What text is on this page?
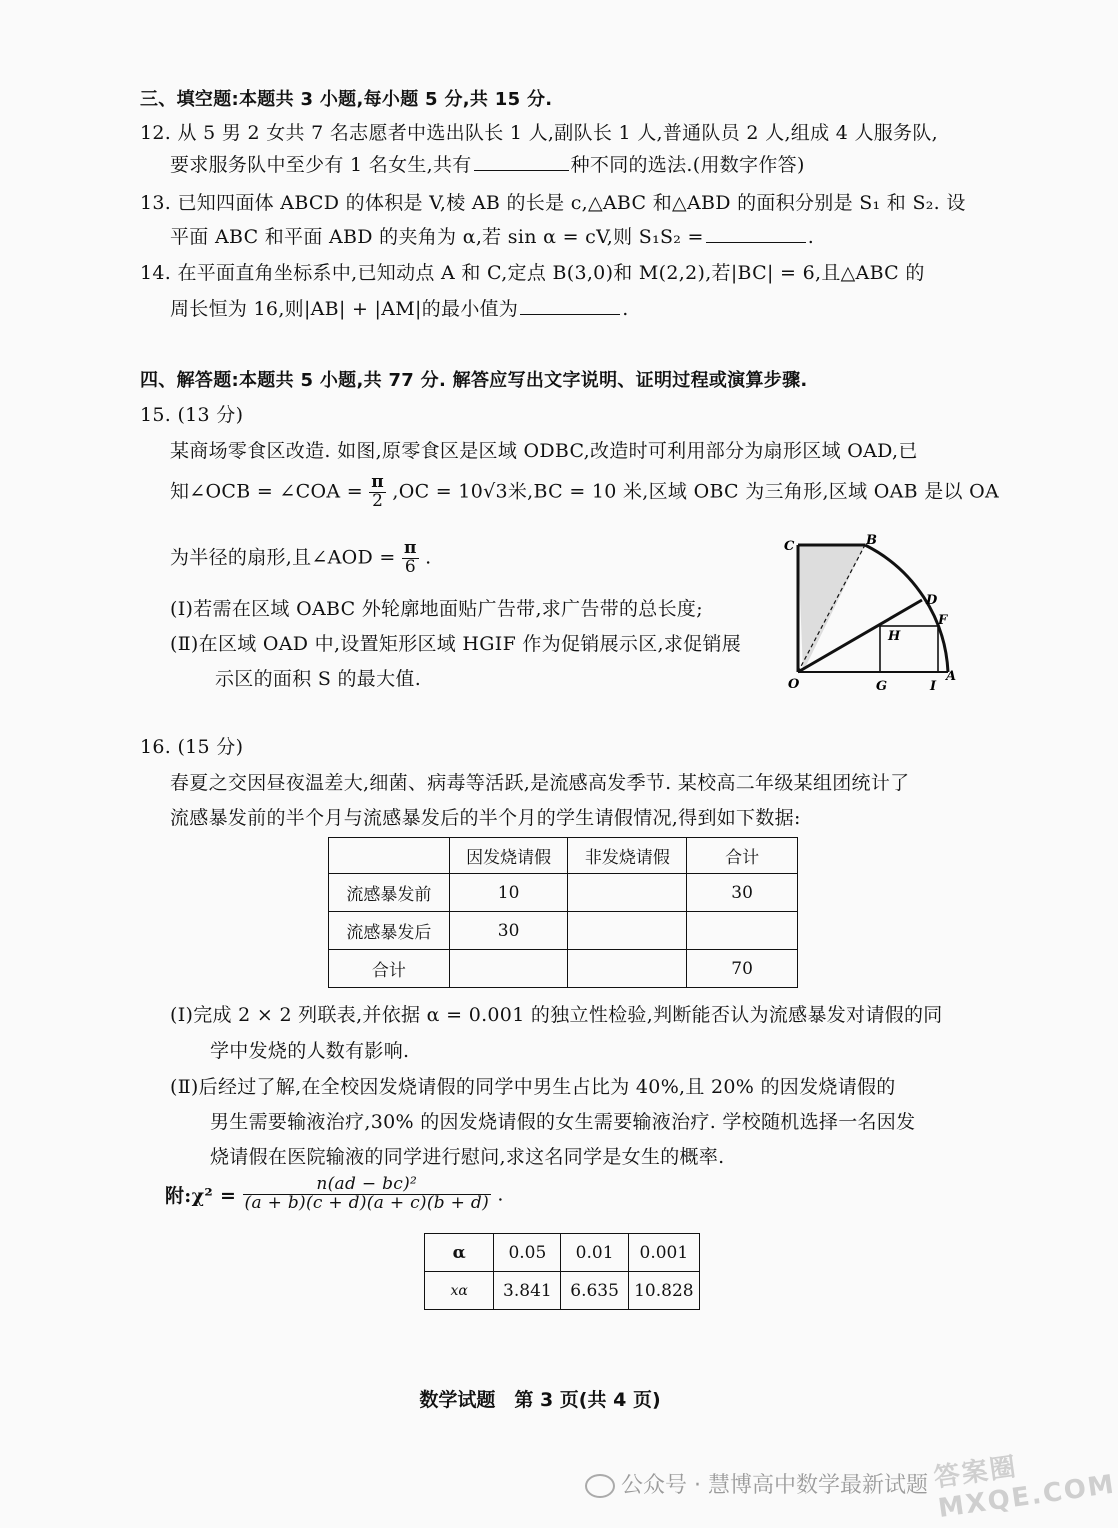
三、填空题:本题共 3 小题,每小题 5 分,共 15 分.
12. 从 5 男 2 女共 7 名志愿者中选出队长 1 人,副队长 1 人,普通队员 2 人,组成 4 人服务队,
要求服务队中至少有 1 名女生,共有	种不同的选法.(用数字作答)
13. 已知四面体 ABCD 的体积是 V,棱 AB 的长是 c,△ABC 和△ABD 的面积分别是 S₁ 和 S₂. 设
平面 ABC 和平面 ABD 的夹角为 α,若 sin α = cV,则 S₁S₂ =	.
14. 在平面直角坐标系中,已知动点 A 和 C,定点 B(3,0)和 M(2,2),若|BC| = 6,且△ABC 的
周长恒为 16,则|AB| + |AM|的最小值为	.
四、解答题:本题共 5 小题,共 77 分. 解答应写出文字说明、证明过程或演算步骤.
15. (13 分)
某商场零食区改造. 如图,原零食区是区域 ODBC,改造时可利用部分为扇形区域 OAD,已
知∠OCB = ∠COA = $\frac{\pi}{2} ,OC = 10√3$米,BC = 10 米,区域 OBC 为三角形,区域 OAB 是以 OA
为半径的扇形,且∠AOD = $\frac{\pi}{6}$ .
(Ⅰ)若需在区域 OABC 外轮廓地面贴广告带,求广告带的总长度;
(Ⅱ)在区域 OAD 中,设置矩形区域 HGIF 作为促销展示区,求促销展
示区的面积 S 的最大值.
C	B
D
F
H
O	G	I
A
16. (15 分)
春夏之交因昼夜温差大,细菌、病毒等活跃,是流感高发季节. 某校高二年级某组团统计了
流感暴发前的半个月与流感暴发后的半个月的学生请假情况,得到如下数据:
	因发烧请假	非发烧请假	合计
流感暴发前	10		30
流感暴发后	30		
合计			70
(Ⅰ)完成 2 × 2 列联表,并依据 α = 0.001 的独立性检验,判断能否认为流感暴发对请假的同
学中发烧的人数有影响.
(Ⅱ)后经过了解,在全校因发烧请假的同学中男生占比为 40%,且 20% 的因发烧请假的
男生需要输液治疗,30% 的因发烧请假的女生需要输液治疗. 学校随机选择一名因发
烧请假在医院输液的同学进行慰问,求这名同学是女生的概率.
附:χ² = $\frac{\text{n(ad − bc)²}}{(a + b)(c + d)(a + c)(b + d)}$ .
α	0.05	0.01	0.001
xα	3.841	6.635	10.828
数学试题　第 3 页(共 4 页)
公众号 · 慧博高中数学最新试题 答案圈 MXQE.COM
